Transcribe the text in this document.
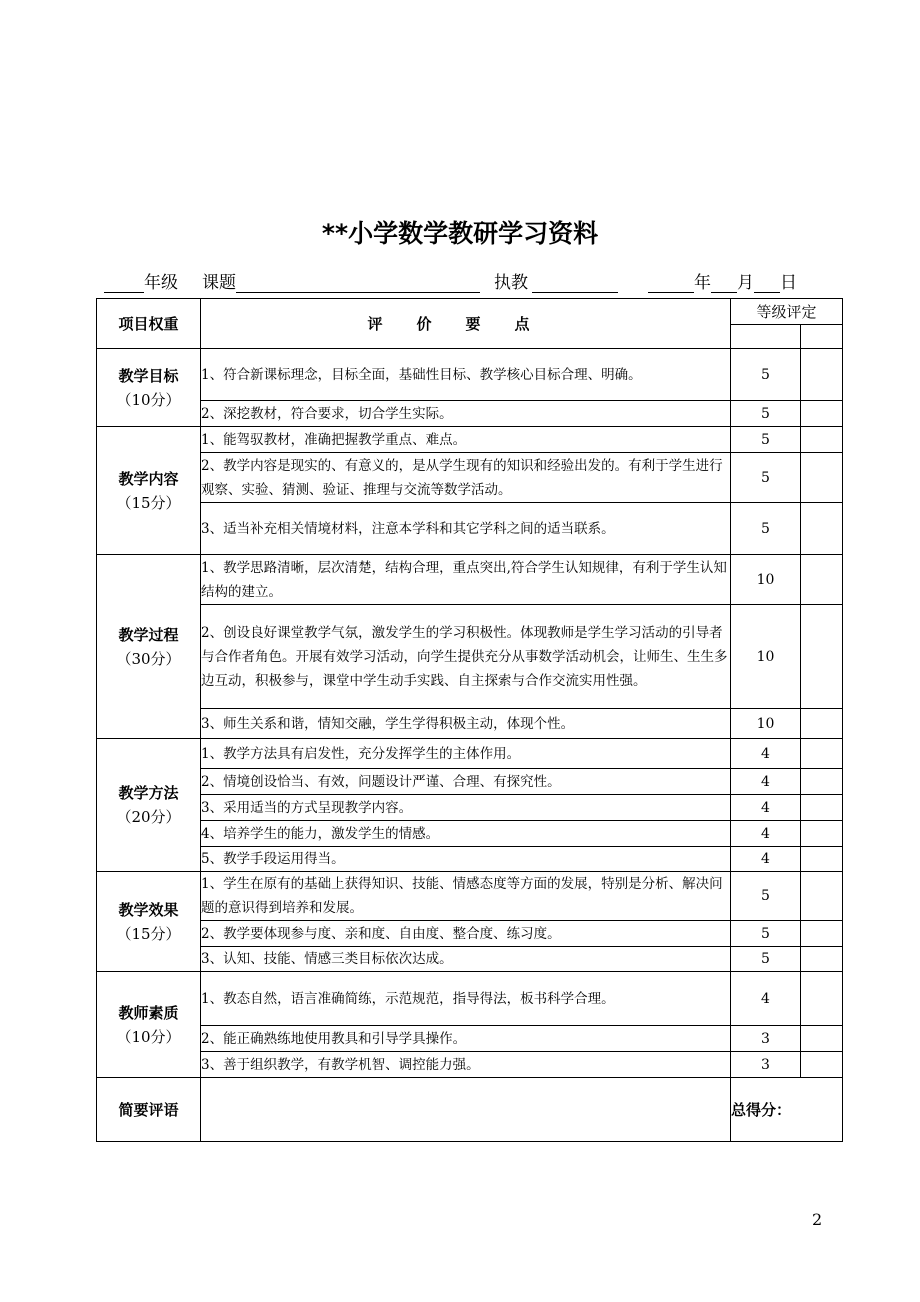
**小学数学教研学习资料
年级 课题	执教	年 月 日
项目权重	评价要点	等级评定	

教学目标
（10分）	1、符合新课标理念，目标全面，基础性目标、教学核心目标合理、明确。	5	
	2、深挖教材，符合要求，切合学生实际。	5	

教学内容
（15分）	1、能驾驭教材，准确把握教学重点、难点。	5	
	2、教学内容是现实的、有意义的，是从学生现有的知识和经验出发的。有利于学生进行观察、实验、猜测、验证、推理与交流等数学活动。	5	
	3、适当补充相关情境材料，注意本学科和其它学科之间的适当联系。	5	

教学过程
（30分）	1、教学思路清晰，层次清楚，结构合理，重点突出,符合学生认知规律，有利于学生认知结构的建立。	10	
	2、创设良好课堂教学气氛，激发学生的学习积极性。体现教师是学生学习活动的引导者与合作者角色。开展有效学习活动，向学生提供充分从事数学活动机会，让师生、生生多边互动，积极参与，课堂中学生动手实践、自主探索与合作交流实用性强。	10	
	3、师生关系和谐，情知交融，学生学得积极主动，体现个性。	10	

教学方法
（20分）	1、教学方法具有启发性，充分发挥学生的主体作用。	4	
	2、情境创设恰当、有效，问题设计严谨、合理、有探究性。	4	
	3、采用适当的方式呈现教学内容。	4	
	4、培养学生的能力，激发学生的情感。	4	
	5、教学手段运用得当。	4	

教学效果
（15分）	1、学生在原有的基础上获得知识、技能、情感态度等方面的发展，特别是分析、解决问题的意识得到培养和发展。	5	
	2、教学要体现参与度、亲和度、自由度、整合度、练习度。	5	
	3、认知、技能、情感三类目标依次达成。	5	

教师素质
（10分）	1、教态自然，语言准确简练，示范规范，指导得法，板书科学合理。	4	
	2、能正确熟练地使用教具和引导学具操作。	3	
	3、善于组织教学，有教学机智、调控能力强。	3	
简要评语		总得分：	
2
